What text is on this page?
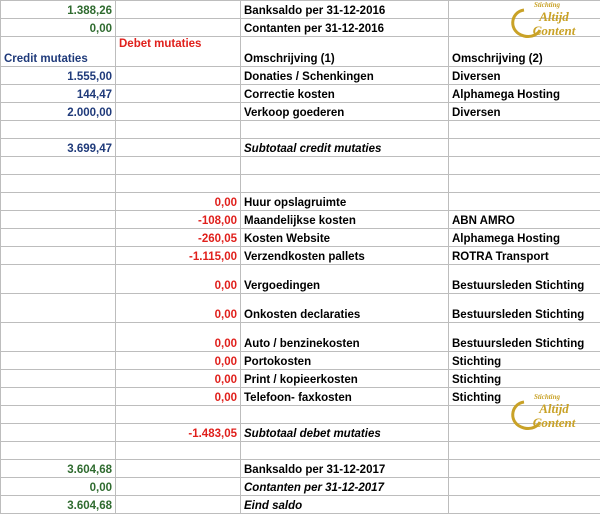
1.388,26		Banksaldo per 31-12-2016	
0,00		Contanten per 31-12-2016	
Credit mutaties	Debet mutaties	Omschrijving (1)	Omschrijving (2)
1.555,00		Donaties / Schenkingen	Diversen
144,47		Correctie kosten	Alphamega Hosting
2.000,00		Verkoop goederen	Diversen

3.699,47		Subtotaal credit mutaties	

	0,00	Huur opslagruimte	
	-108,00	Maandelijkse kosten	ABN AMRO
	-260,05	Kosten Website	Alphamega Hosting
	-1.115,00	Verzendkosten pallets	ROTRA Transport
	0,00	Vergoedingen	Bestuursleden Stichting
	0,00	Onkosten declaraties	Bestuursleden Stichting
	0,00	Auto / benzinekosten	Bestuursleden Stichting
	0,00	Portokosten	Stichting
	0,00	Print / kopieerkosten	Stichting
	0,00	Telefoon- faxkosten	Stichting

	-1.483,05	Subtotaal debet mutaties	

3.604,68		Banksaldo per 31-12-2017	
0,00		Contanten per 31-12-2017	
3.604,68		Eind saldo	
Stichting
Altijd
Content
Stichting
Altijd
Content
